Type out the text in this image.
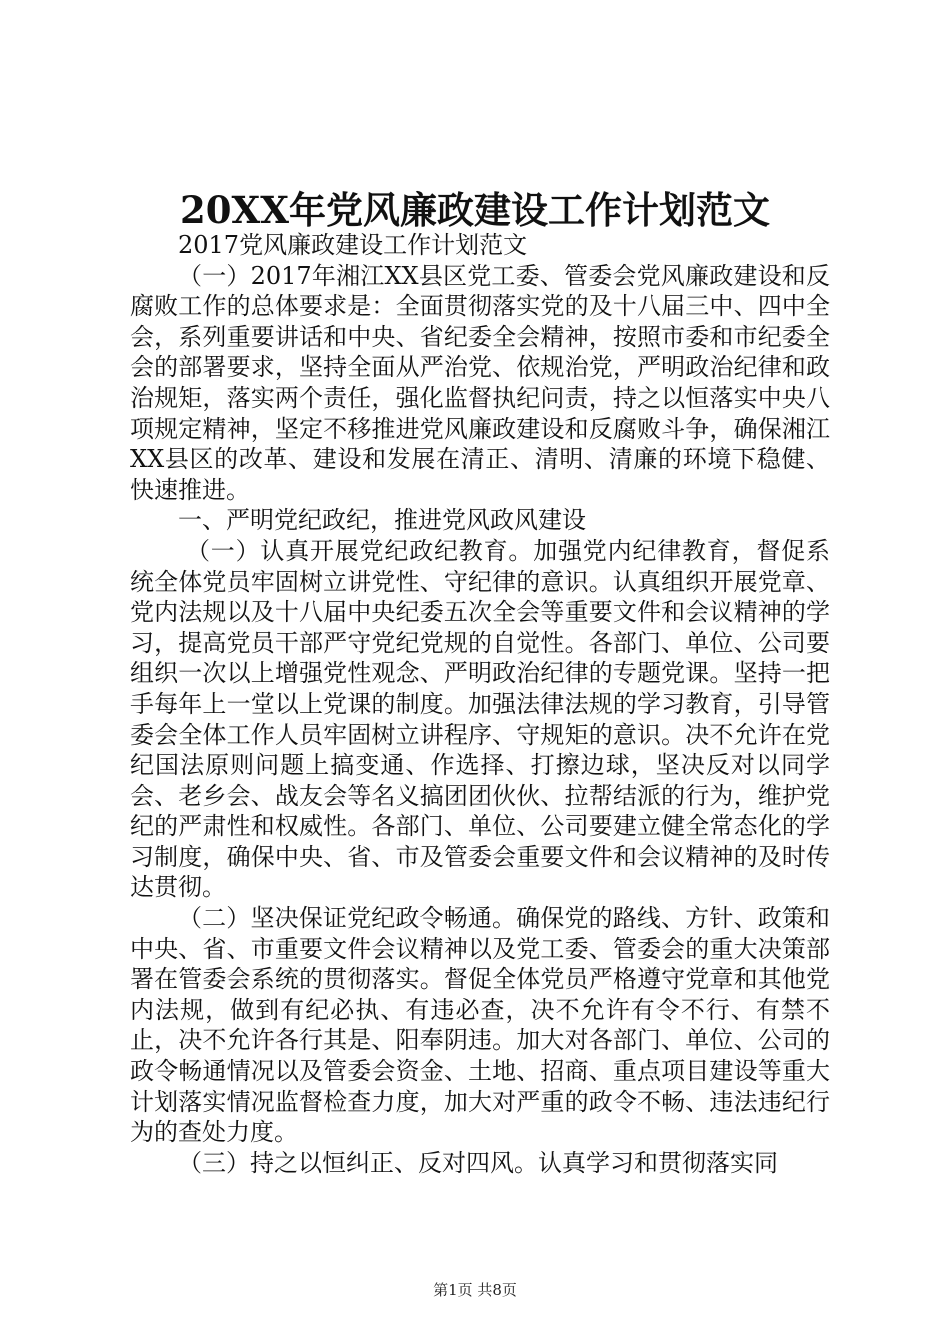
20XX年党风廉政建设工作计划范文

2017党风廉政建设工作计划范文

（一）2017年湘江XX县区党工委、管委会党风廉政建设和反腐败工作的总体要求是：全面贯彻落实党的及十八届三中、四中全会，系列重要讲话和中央、省纪委全会精神，按照市委和市纪委全会的部署要求，坚持全面从严治党、依规治党，严明政治纪律和政治规矩，落实两个责任，强化监督执纪问责，持之以恒落实中央八项规定精神，坚定不移推进党风廉政建设和反腐败斗争，确保湘江XX县区的改革、建设和发展在清正、清明、清廉的环境下稳健、快速推进。

一、严明党纪政纪，推进党风政风建设

（一）认真开展党纪政纪教育。加强党内纪律教育，督促系统全体党员牢固树立讲党性、守纪律的意识。认真组织开展党章、党内法规以及十八届中央纪委五次全会等重要文件和会议精神的学习，提高党员干部严守党纪党规的自觉性。各部门、单位、公司要组织一次以上增强党性观念、严明政治纪律的专题党课。坚持一把手每年上一堂以上党课的制度。加强法律法规的学习教育，引导管委会全体工作人员牢固树立讲程序、守规矩的意识。决不允许在党纪国法原则问题上搞变通、作选择、打擦边球，坚决反对以同学会、老乡会、战友会等名义搞团团伙伙、拉帮结派的行为，维护党纪的严肃性和权威性。各部门、单位、公司要建立健全常态化的学习制度，确保中央、省、市及管委会重要文件和会议精神的及时传达贯彻。

（二）坚决保证党纪政令畅通。确保党的路线、方针、政策和中央、省、市重要文件会议精神以及党工委、管委会的重大决策部署在管委会系统的贯彻落实。督促全体党员严格遵守党章和其他党内法规，做到有纪必执、有违必查，决不允许有令不行、有禁不止，决不允许各行其是、阳奉阴违。加大对各部门、单位、公司的政令畅通情况以及管委会资金、土地、招商、重点项目建设等重大计划落实情况监督检查力度，加大对严重的政令不畅、违法违纪行为的查处力度。

（三）持之以恒纠正、反对四风。认真学习和贯彻落实同

第1页 共8页
